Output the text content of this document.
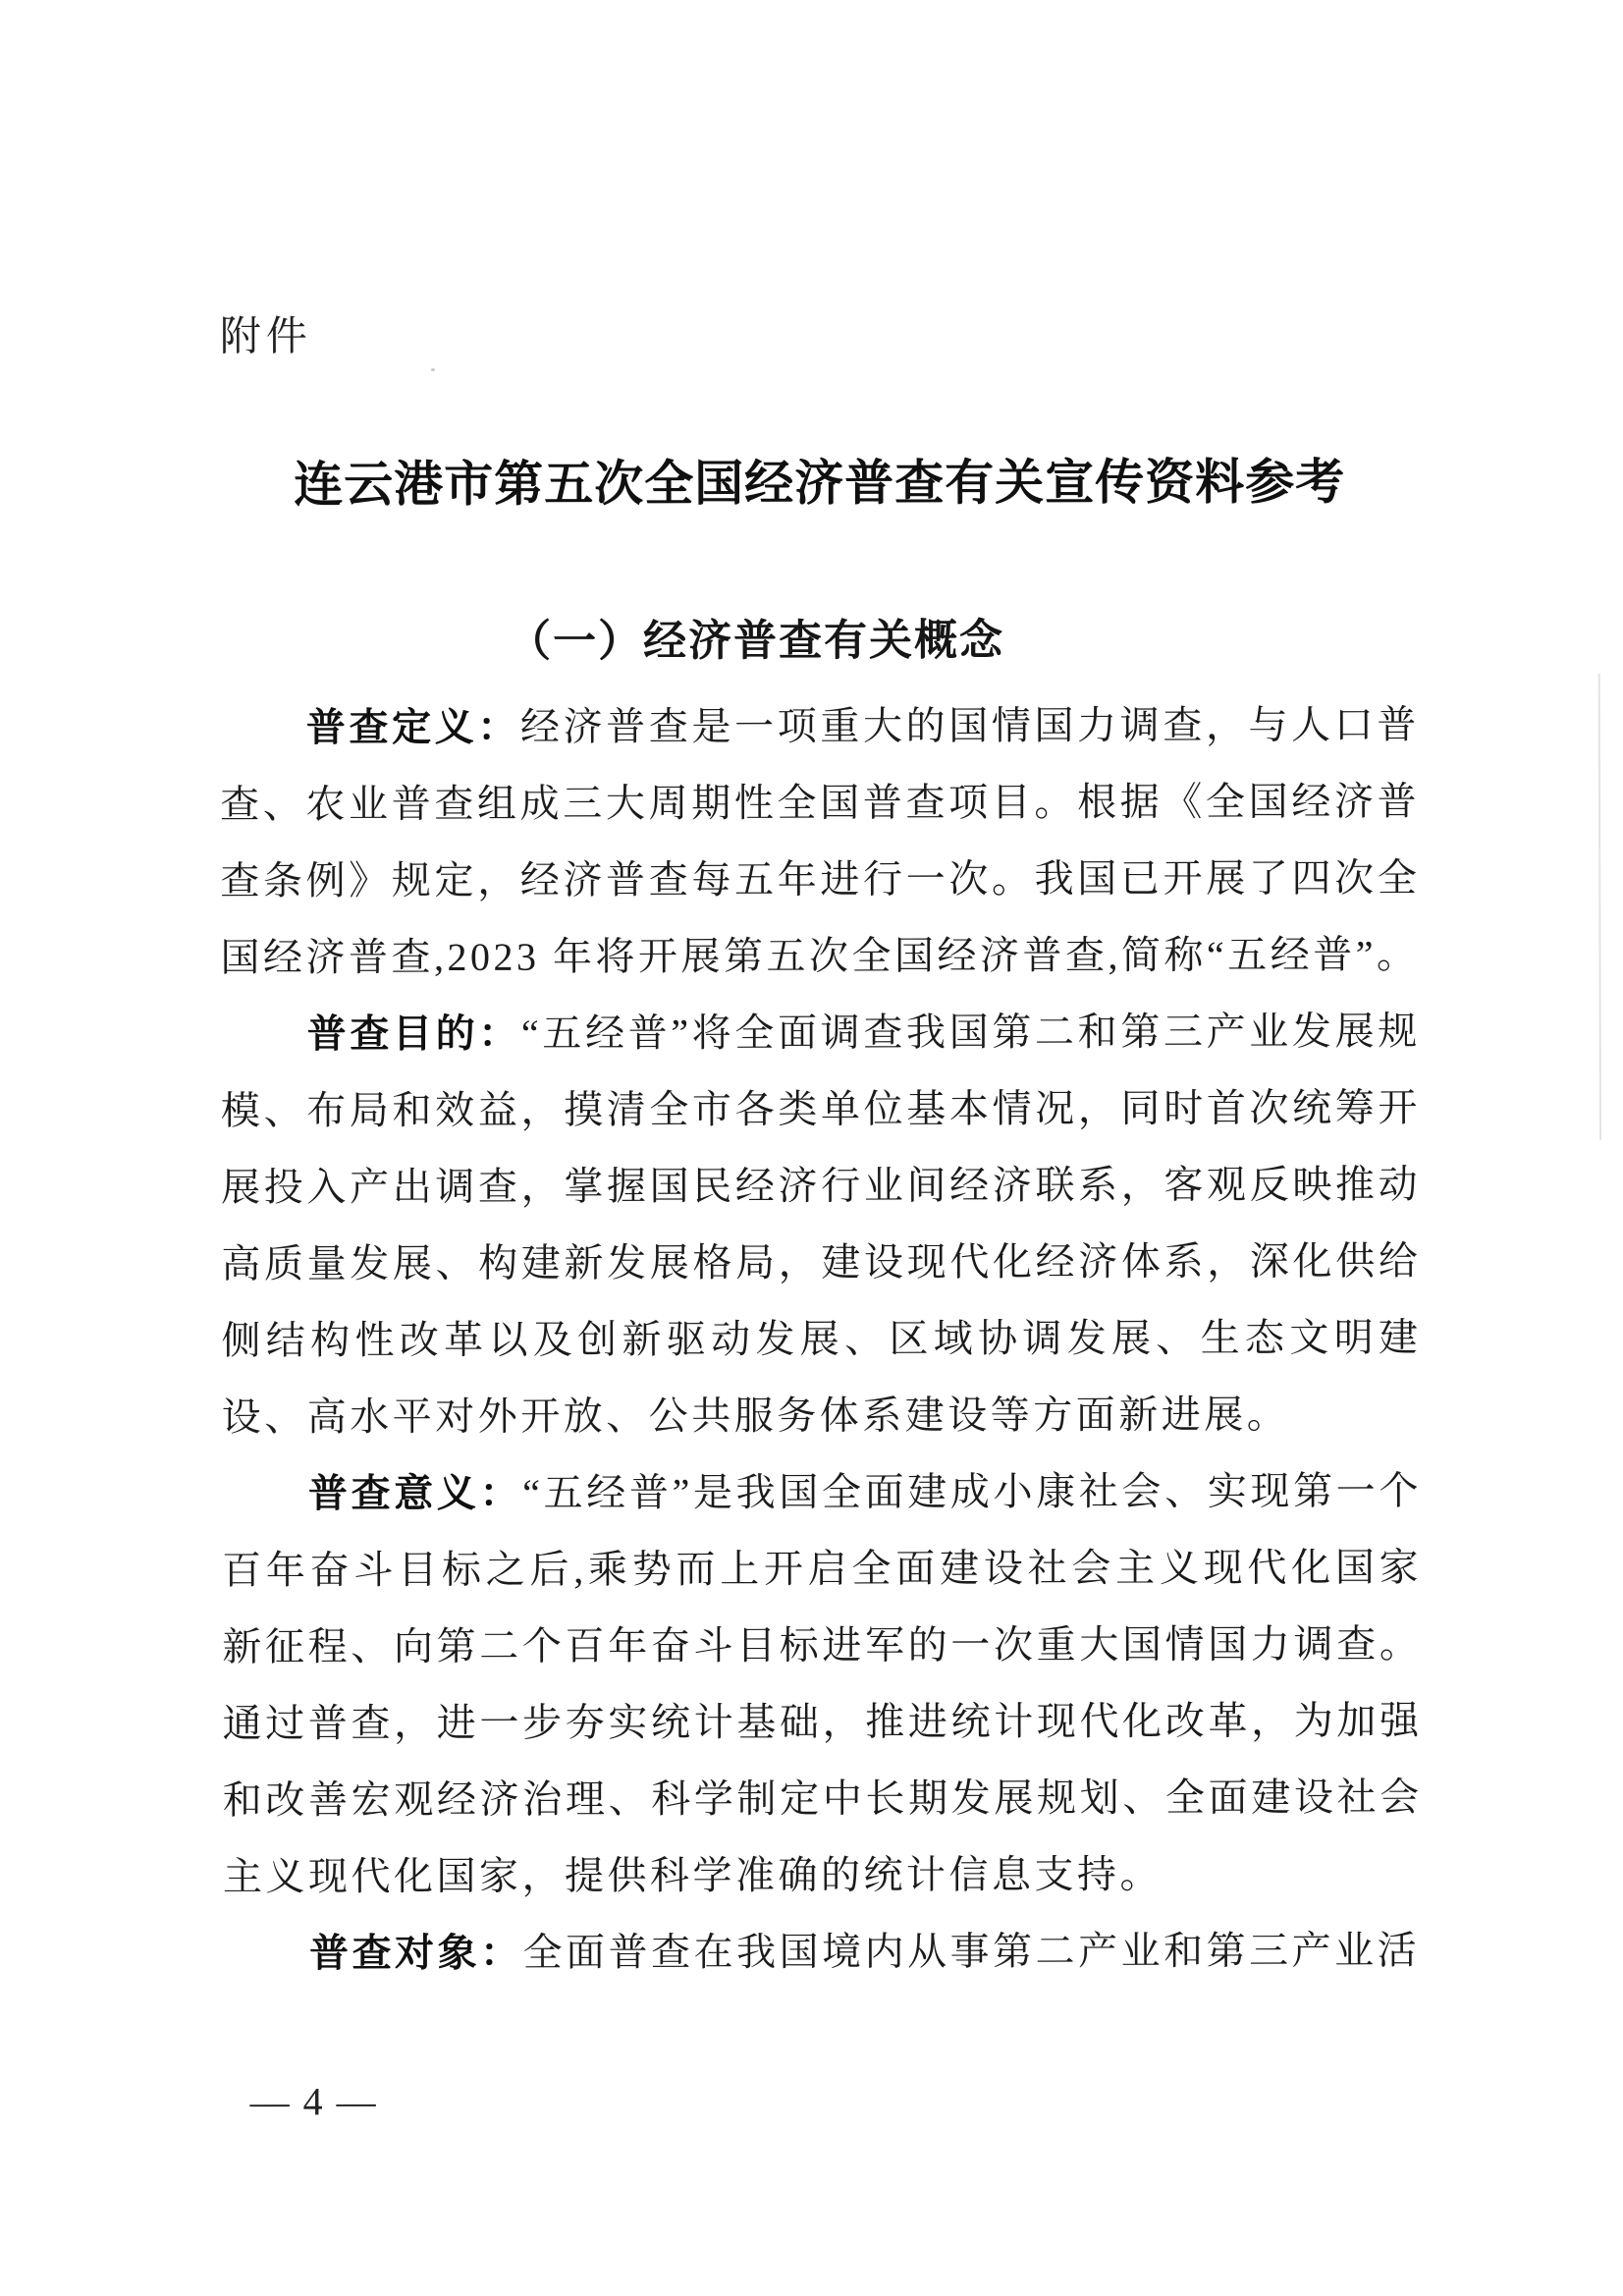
附件
连云港市第五次全国经济普查有关宣传资料参考
（一）经济普查有关概念

普查定义：经济普查是一项重大的国情国力调查，与人口普查、农业普查组成三大周期性全国普查项目。根据《全国经济普查条例》规定，经济普查每五年进行一次。我国已开展了四次全国经济普查,2023 年将开展第五次全国经济普查,简称“五经普”。

普查目的：“五经普”将全面调查我国第二和第三产业发展规模、布局和效益，摸清全市各类单位基本情况，同时首次统筹开展投入产出调查，掌握国民经济行业间经济联系，客观反映推动高质量发展、构建新发展格局，建设现代化经济体系，深化供给侧结构性改革以及创新驱动发展、区域协调发展、生态文明建设、高水平对外开放、公共服务体系建设等方面新进展。

普查意义：“五经普”是我国全面建成小康社会、实现第一个百年奋斗目标之后,乘势而上开启全面建设社会主义现代化国家新征程、向第二个百年奋斗目标进军的一次重大国情国力调查。通过普查，进一步夯实统计基础，推进统计现代化改革，为加强和改善宏观经济治理、科学制定中长期发展规划、全面建设社会主义现代化国家，提供科学准确的统计信息支持。

普查对象：全面普查在我国境内从事第二产业和第三产业活

— 4 —
